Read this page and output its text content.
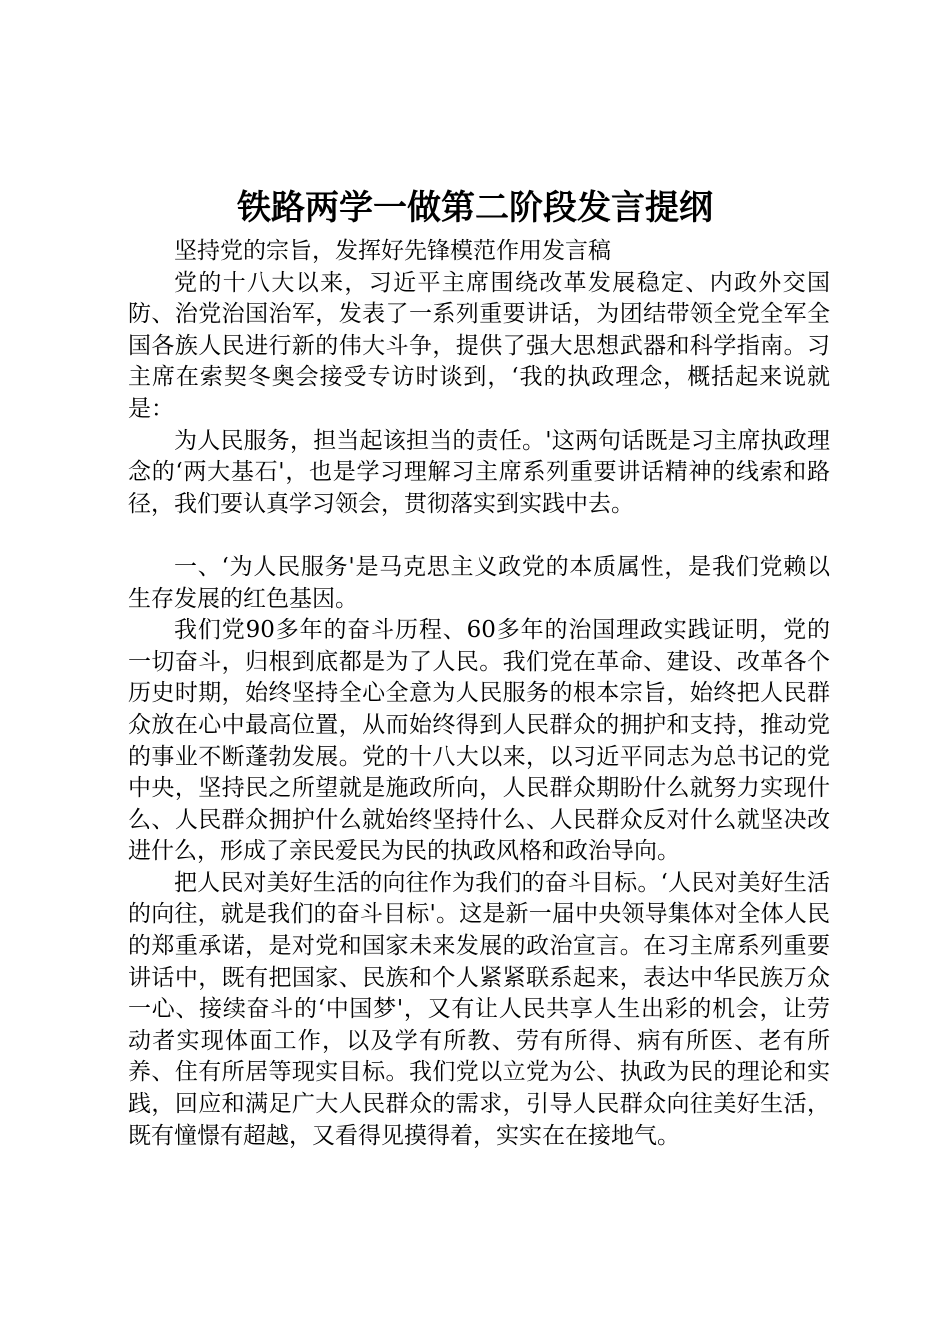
铁路两学一做第二阶段发言提纲

坚持党的宗旨，发挥好先锋模范作用发言稿

党的十八大以来，习近平主席围绕改革发展稳定、内政外交国防、治党治国治军，发表了一系列重要讲话，为团结带领全党全军全国各族人民进行新的伟大斗争，提供了强大思想武器和科学指南。习主席在索契冬奥会接受专访时谈到，‘我的执政理念，概括起来说就是：

为人民服务，担当起该担当的责任。'这两句话既是习主席执政理念的‘两大基石'，也是学习理解习主席系列重要讲话精神的线索和路径，我们要认真学习领会，贯彻落实到实践中去。

一、‘为人民服务'是马克思主义政党的本质属性，是我们党赖以生存发展的红色基因。

我们党90多年的奋斗历程、60多年的治国理政实践证明，党的一切奋斗，归根到底都是为了人民。我们党在革命、建设、改革各个历史时期，始终坚持全心全意为人民服务的根本宗旨，始终把人民群众放在心中最高位置，从而始终得到人民群众的拥护和支持，推动党的事业不断蓬勃发展。党的十八大以来，以习近平同志为总书记的党中央，坚持民之所望就是施政所向，人民群众期盼什么就努力实现什么、人民群众拥护什么就始终坚持什么、人民群众反对什么就坚决改进什么，形成了亲民爱民为民的执政风格和政治导向。

把人民对美好生活的向往作为我们的奋斗目标。‘人民对美好生活的向往，就是我们的奋斗目标'。这是新一届中央领导集体对全体人民的郑重承诺，是对党和国家未来发展的政治宣言。在习主席系列重要讲话中，既有把国家、民族和个人紧紧联系起来，表达中华民族万众一心、接续奋斗的‘中国梦'，又有让人民共享人生出彩的机会，让劳动者实现体面工作，以及学有所教、劳有所得、病有所医、老有所养、住有所居等现实目标。我们党以立党为公、执政为民的理论和实践，回应和满足广大人民群众的需求，引导人民群众向往美好生活，既有憧憬有超越，又看得见摸得着，实实在在接地气。
